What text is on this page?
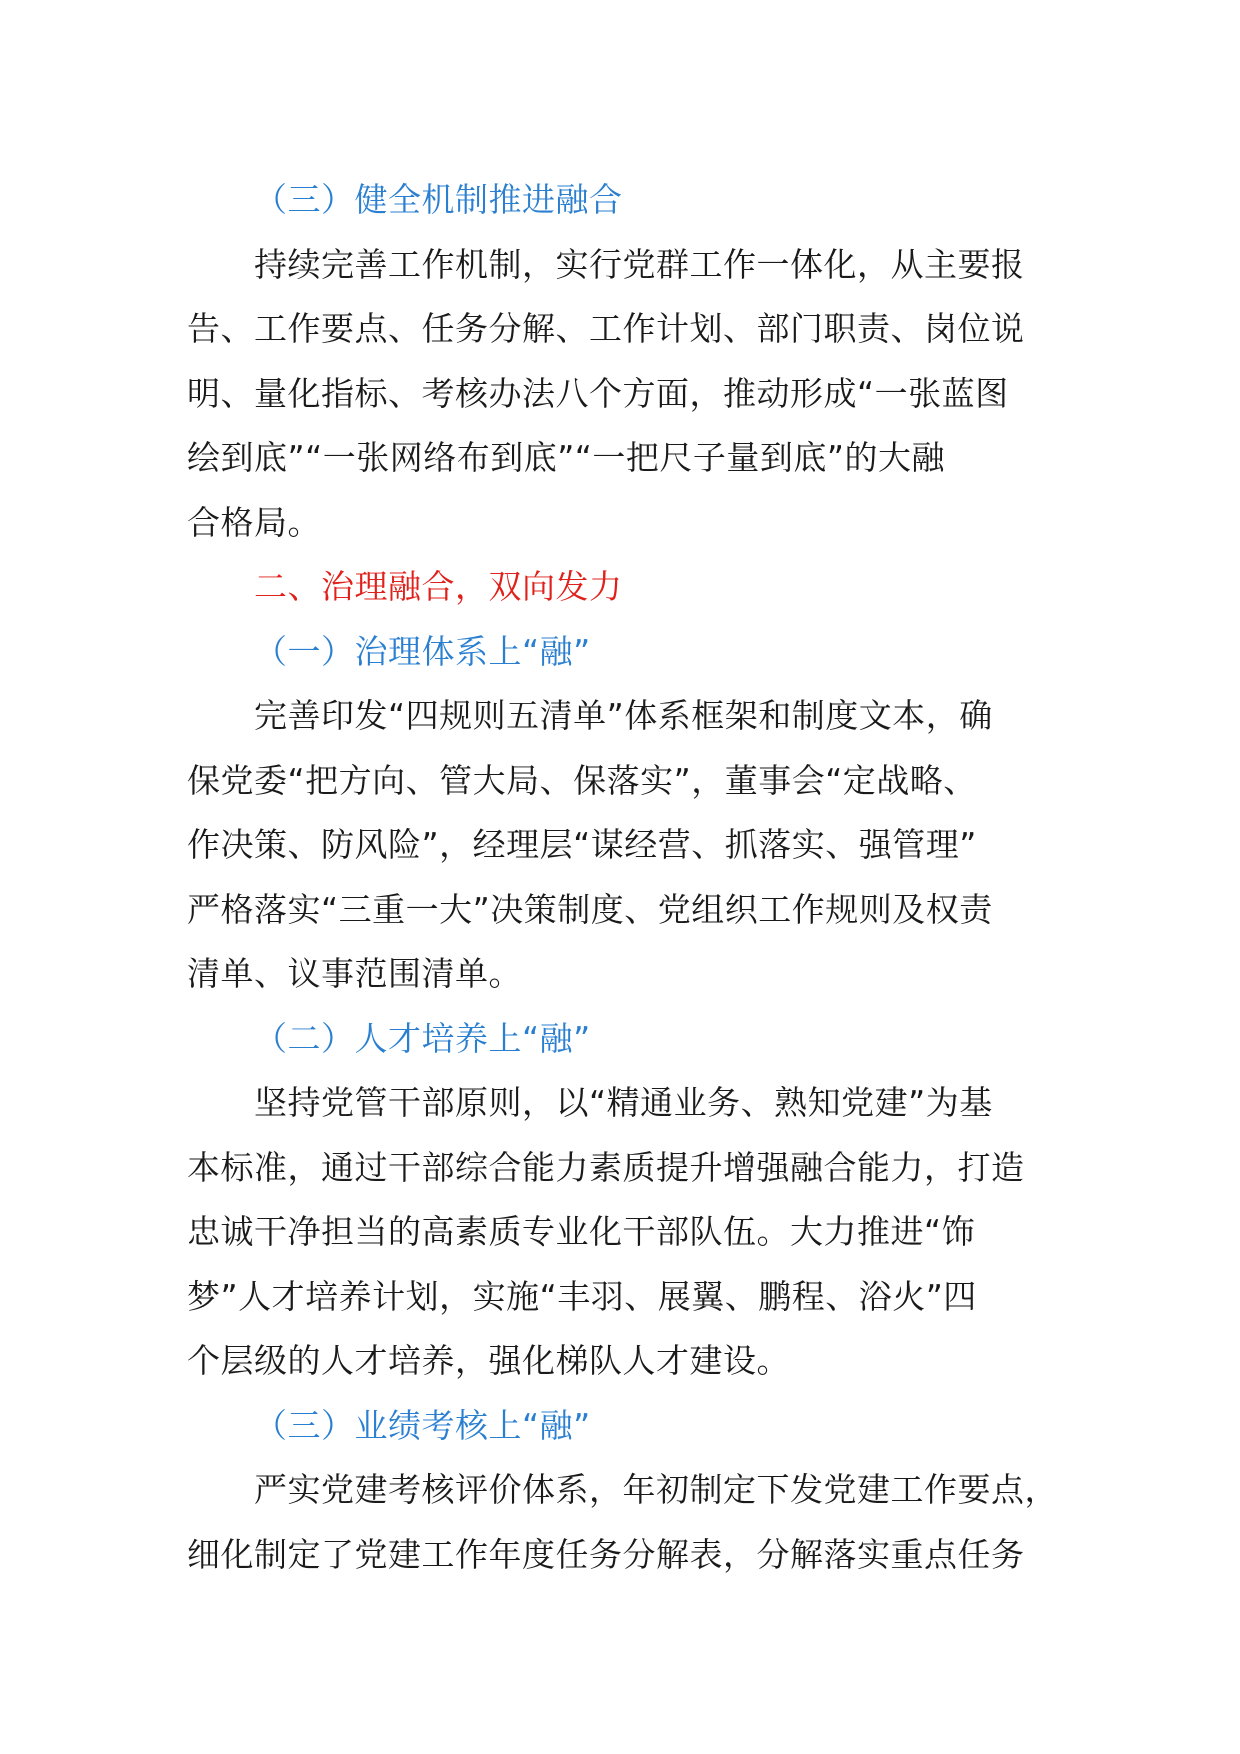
（三）健全机制推进融合
持续完善工作机制，实行党群工作一体化，从主要报
告、工作要点、任务分解、工作计划、部门职责、岗位说
明、量化指标、考核办法八个方面，推动形成“一张蓝图
绘到底”“一张网络布到底”“一把尺子量到底”的大融
合格局。
二、治理融合，双向发力
（一）治理体系上“融”
完善印发“四规则五清单”体系框架和制度文本，确
保党委“把方向、管大局、保落实”，董事会“定战略、
作决策、防风险”，经理层“谋经营、抓落实、强管理”
严格落实“三重一大”决策制度、党组织工作规则及权责
清单、议事范围清单。
（二）人才培养上“融”
坚持党管干部原则，以“精通业务、熟知党建”为基
本标准，通过干部综合能力素质提升增强融合能力，打造
忠诚干净担当的高素质专业化干部队伍。大力推进“饰
梦”人才培养计划，实施“丰羽、展翼、鹏程、浴火”四
个层级的人才培养，强化梯队人才建设。
（三）业绩考核上“融”
严实党建考核评价体系，年初制定下发党建工作要点，
细化制定了党建工作年度任务分解表，分解落实重点任务
